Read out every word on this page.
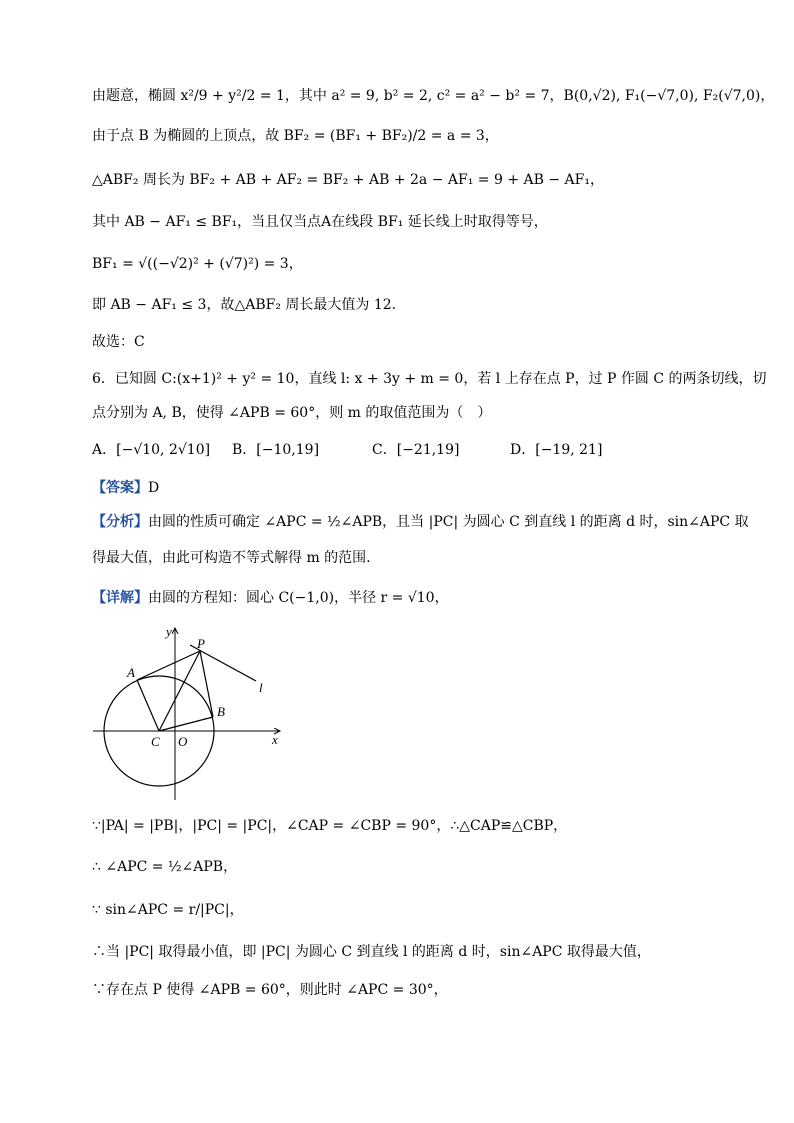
由题意，椭圆 x²/9 + y²/2 = 1，其中 a² = 9, b² = 2, c² = a² − b² = 7，B(0,√2), F₁(−√7,0), F₂(√7,0)，
由于点 B 为椭圆的上顶点，故 BF₂ = (BF₁ + BF₂)/2 = a = 3，
△ABF₂ 周长为 BF₂ + AB + AF₂ = BF₂ + AB + 2a − AF₁ = 9 + AB − AF₁，
其中 AB − AF₁ ≤ BF₁，当且仅当点A在线段 BF₁ 延长线上时取得等号，
BF₁ = √((−√2)² + (√7)²) = 3，
即 AB − AF₁ ≤ 3，故△ABF₂ 周长最大值为 12.
故选：C
6．已知圆 C:(x+1)² + y² = 10，直线 l: x + 3y + m = 0，若 l 上存在点 P，过 P 作圆 C 的两条切线，切
点分别为 A, B，使得 ∠APB = 60°，则 m 的取值范围为（　）
A．[−√10, 2√10] B．[−10,19]	C．[−21,19]	D．[−19, 21]
【答案】D
【分析】由圆的性质可确定 ∠APC = ½∠APB，且当 |PC| 为圆心 C 到直线 l 的距离 d 时，sin∠APC 取
得最大值，由此可构造不等式解得 m 的范围.
【详解】由圆的方程知：圆心 C(−1,0)，半径 r = √10，
y
x
P
A
B
C O
l
∵|PA| = |PB|，|PC| = |PC|，∠CAP = ∠CBP = 90°，∴△CAP≌△CBP，
∴ ∠APC = ½∠APB，
∵ sin∠APC = r/|PC|，
∴当 |PC| 取得最小值，即 |PC| 为圆心 C 到直线 l 的距离 d 时，sin∠APC 取得最大值，
∵存在点 P 使得 ∠APB = 60°，则此时 ∠APC = 30°，
